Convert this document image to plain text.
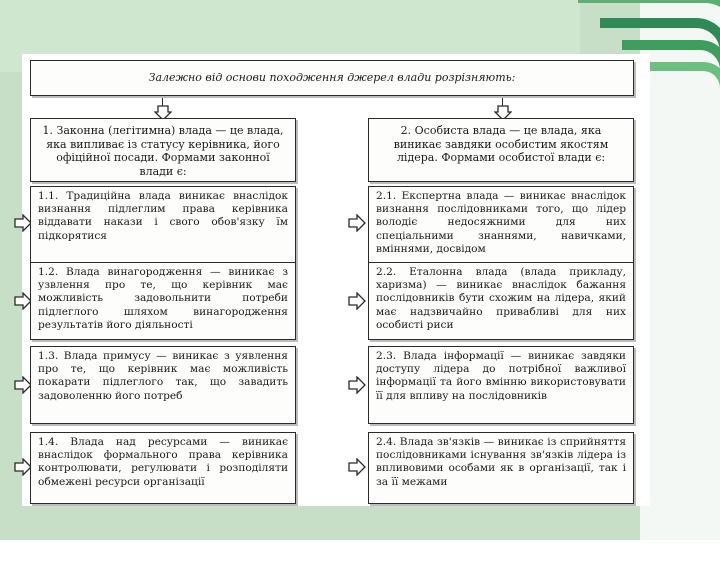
Залежно від основи походження джерел влади розрізняють:
1. Законна (легітимна) влада — це влада, яка випливає із статусу керівника, його офіційної посади. Формами законної влади є:
2. Особиста влада — це влада, яка виникає завдяки особистим якостям лідера. Формами особистої влади є:
1.1. Традиційна влада виникає внаслідок визнання підлеглим права керівника віддавати накази і свого обов'язку їм підкорятися
1.2. Влада винагородження — виникає з узвлення про те, що керівник має можливість задовольнити потреби підлеглого шляхом винагородження результатів його діяльності
1.3. Влада примусу — виникає з уявлення про те, що керівник має можливість покарати підлеглого так, що завадить задоволенню його потреб
1.4. Влада над ресурсами — виникає внаслідок формального права керівника контролювати, регулювати і розподіляти обмежені ресурси організації
2.1. Експертна влада — виникає внаслідок визнання послідовниками того, що лідер володіє недосяжними для них спеціальними знаннями, навичками, вміннями, досвідом
2.2. Еталонна влада (влада прикладу, харизма) — виникає внаслідок бажання послідовників бути схожим на лідера, який має надзвичайно привабливі для них особисті риси
2.3. Влада інформації — виникає завдяки доступу лідера до потрібної важливої інформації та його вмінню використовувати її для впливу на послідовників
2.4. Влада зв'язків — виникає із сприйняття послідовниками існування зв'язків лідера із впливовими особами як в організації, так і за її межами
